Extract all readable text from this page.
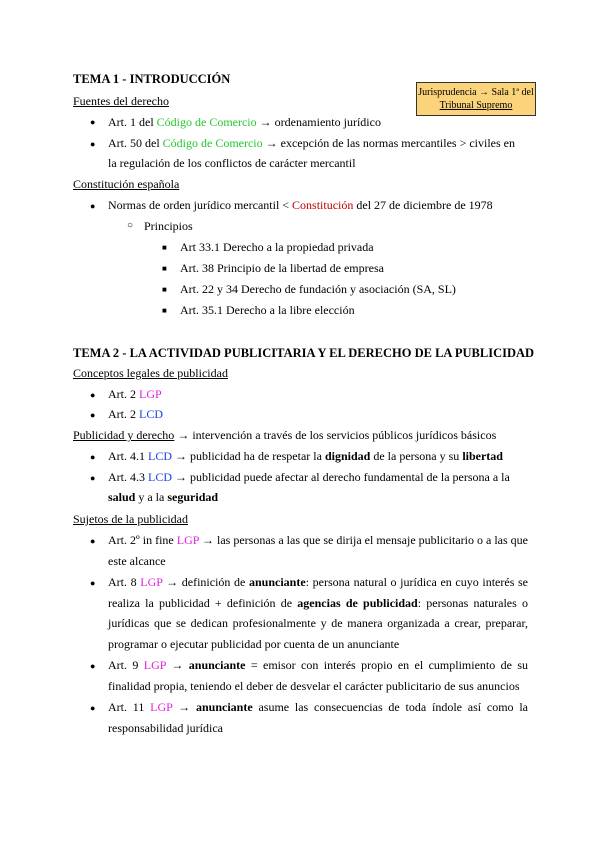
TEMA 1 - INTRODUCCIÓN
Jurisprudencia → Sala 1ª del
Tribunal Supremo
Fuentes del derecho
● Art. 1 del Código de Comercio → ordenamiento jurídico
● Art. 50 del Código de Comercio → excepción de las normas mercantiles > civiles en
la regulación de los conflictos de carácter mercantil
Constitución española
● Normas de orden jurídico mercantil < Constitución del 27 de diciembre de 1978
○ Principios
■ Art 33.1 Derecho a la propiedad privada
■ Art. 38 Principio de la libertad de empresa
■ Art. 22 y 34 Derecho de fundación y asociación (SA, SL)
■ Art. 35.1 Derecho a la libre elección
TEMA 2 - LA ACTIVIDAD PUBLICITARIA Y EL DERECHO DE LA PUBLICIDAD
Conceptos legales de publicidad
● Art. 2 LGP
● Art. 2 LCD
Publicidad y derecho → intervención a través de los servicios públicos jurídicos básicos
● Art. 4.1 LCD → publicidad ha de respetar la dignidad de la persona y su libertad
● Art. 4.3 LCD → publicidad puede afectar al derecho fundamental de la persona a la
salud y a la seguridad
Sujetos de la publicidad
● Art. 2º in fine LGP → las personas a las que se dirija el mensaje publicitario o a las que este alcance
● Art. 8 LGP → definición de anunciante: persona natural o jurídica en cuyo interés se realiza la publicidad + definición de agencias de publicidad: personas naturales o jurídicas que se dedican profesionalmente y de manera organizada a crear, preparar, programar o ejecutar publicidad por cuenta de un anunciante
● Art. 9 LGP → anunciante = emisor con interés propio en el cumplimiento de su finalidad propia, teniendo el deber de desvelar el carácter publicitario de sus anuncios
● Art. 11 LGP → anunciante asume las consecuencias de toda índole así como la responsabilidad jurídica
